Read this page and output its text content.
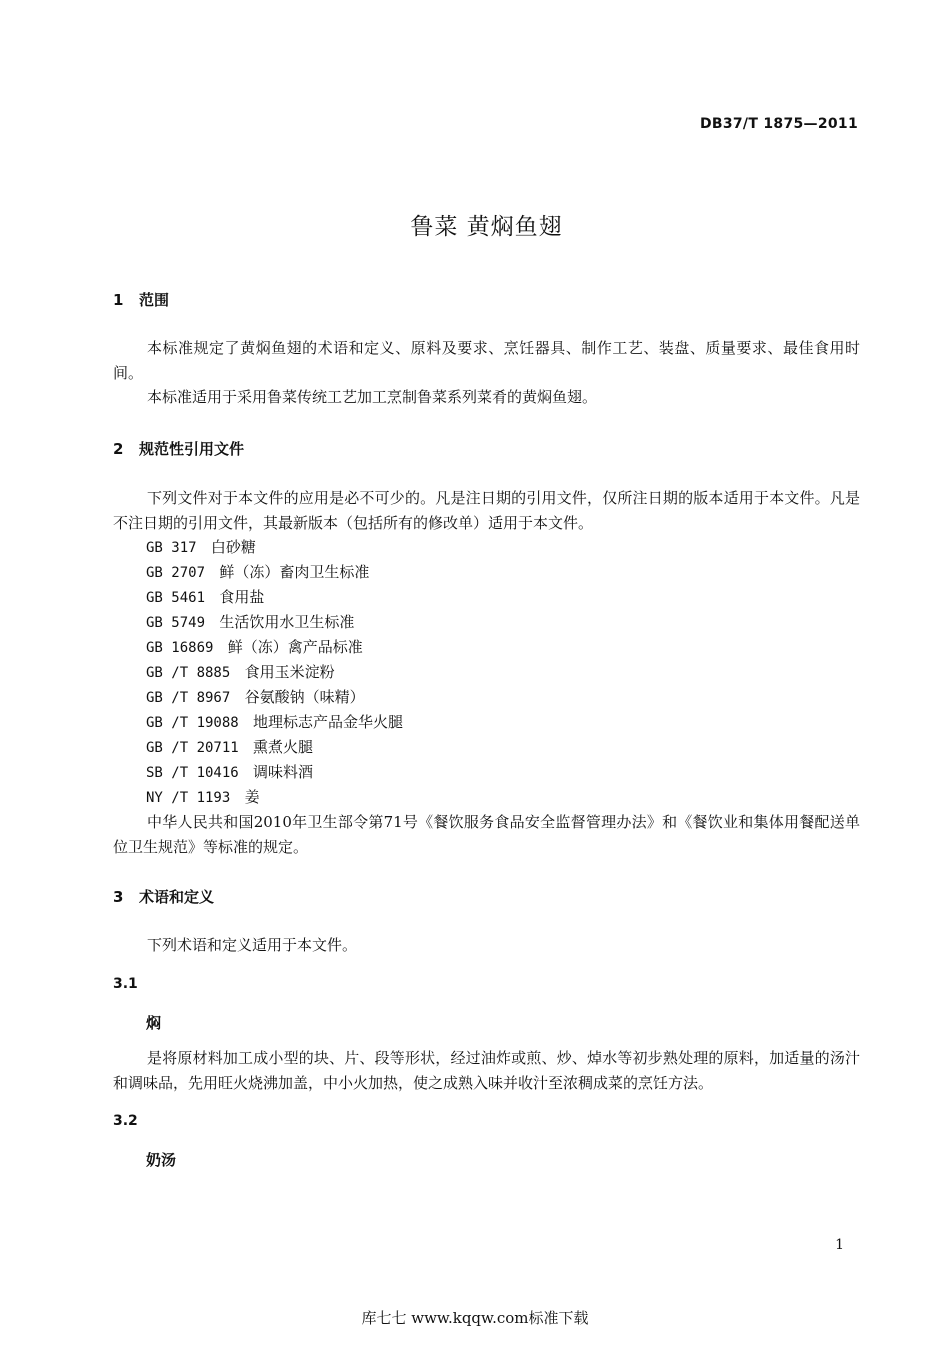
DB37/T 1875—2011
鲁菜 黄焖鱼翅
1 范围
本标准规定了黄焖鱼翅的术语和定义、原料及要求、烹饪器具、制作工艺、装盘、质量要求、最佳食用时间。
本标准适用于采用鲁菜传统工艺加工烹制鲁菜系列菜肴的黄焖鱼翅。
2 规范性引用文件
下列文件对于本文件的应用是必不可少的。凡是注日期的引用文件，仅所注日期的版本适用于本文件。凡是不注日期的引用文件，其最新版本（包括所有的修改单）适用于本文件。
GB 317 白砂糖
GB 2707 鲜（冻）畜肉卫生标准
GB 5461 食用盐
GB 5749 生活饮用水卫生标准
GB 16869 鲜（冻）禽产品标准
GB /T 8885 食用玉米淀粉
GB /T 8967 谷氨酸钠（味精）
GB /T 19088 地理标志产品金华火腿
GB /T 20711 熏煮火腿
SB /T 10416 调味料酒
NY /T 1193 姜
中华人民共和国2010年卫生部令第71号《餐饮服务食品安全监督管理办法》和《餐饮业和集体用餐配送单位卫生规范》等标准的规定。
3 术语和定义
下列术语和定义适用于本文件。
3.1
焖
是将原材料加工成小型的块、片、段等形状，经过油炸或煎、炒、焯水等初步熟处理的原料，加适量的汤汁和调味品，先用旺火烧沸加盖，中小火加热，使之成熟入味并收汁至浓稠成菜的烹饪方法。
3.2
奶汤
1
库七七 www.kqqw.com标准下载
